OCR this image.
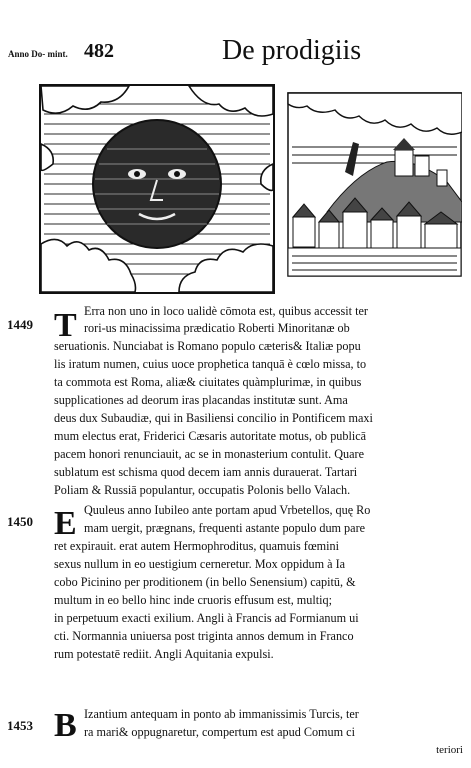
Anno Do- mint. 482	De prodigiis
1449 T Erra non uno in loco ualidè cōmota est, quibus accessit ter
rori-us minacissima prædicatio Roberti Minoritanæ ob
seruationis. Nunciabat is Romano populo cæteris& Italiæ popu
lis iratum numen, cuius uoce prophetica tanquā è cœlo missa, to
ta commota est Roma, aliæ& ciuitates quàmplurimæ, in quibus
supplicationes ad deorum iras placandas institutæ sunt. Ama
deus dux Subaudiæ, qui in Basiliensi concilio in Pontificem maxi
mum electus erat, Friderici Cæsaris autoritate motus, ob publicā
pacem honori renunciauit, ac se in monasterium contulit. Quare
sublatum est schisma quod decem iam annis durauerat. Tartari
Poliam & Russiā populantur, occupatis Polonis bello Valach.
1450 E Quuleus anno Iubileo ante portam apud Vrbetellos, quę Ro
mam uergit, prægnans, frequenti astante populo dum pare
ret expirauit. erat autem Hermophroditus, quamuis fœmini
sexus nullum in eo uestigium cerneretur. Mox oppidum à Ia
cobo Picinino per proditionem (in bello Senensium) capitū, &
multum in eo bello hinc inde cruoris effusum est, multiq;
in perpetuum exacti exilium. Angli à Francis ad Formianum ui
cti. Normannia uniuersa post triginta annos demum in Franco
rum potestatē rediit. Angli Aquitania expulsi.
1453 B Izantium antequam in ponto ab immanissimis Turcis, ter
ra mari& oppugnaretur, compertum est apud Comum ci
teriori
